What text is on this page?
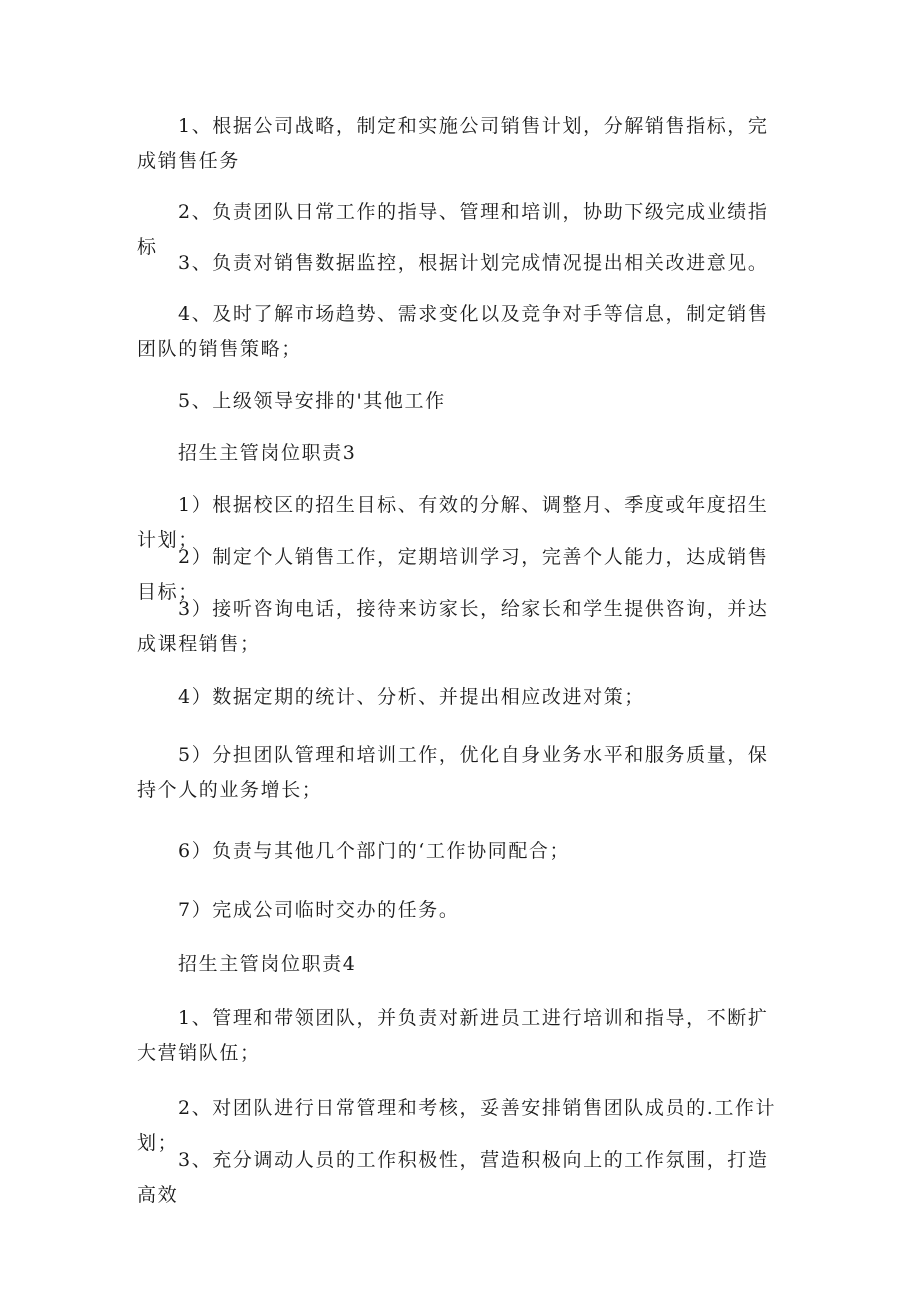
1、根据公司战略，制定和实施公司销售计划，分解销售指标，完成销售任务

2、负责团队日常工作的指导、管理和培训，协助下级完成业绩指标

3、负责对销售数据监控，根据计划完成情况提出相关改进意见。

4、及时了解市场趋势、需求变化以及竞争对手等信息，制定销售团队的销售策略；

5、上级领导安排的'其他工作

招生主管岗位职责3

1）根据校区的招生目标、有效的分解、调整月、季度或年度招生计划；

2）制定个人销售工作，定期培训学习，完善个人能力，达成销售目标；

3）接听咨询电话，接待来访家长，给家长和学生提供咨询，并达成课程销售；

4）数据定期的统计、分析、并提出相应改进对策；

5）分担团队管理和培训工作，优化自身业务水平和服务质量，保持个人的业务增长；

6）负责与其他几个部门的‘工作协同配合；

7）完成公司临时交办的任务。

招生主管岗位职责4

1、管理和带领团队，并负责对新进员工进行培训和指导，不断扩大营销队伍；

2、对团队进行日常管理和考核，妥善安排销售团队成员的.工作计划；

3、充分调动人员的工作积极性，营造积极向上的工作氛围，打造高效
